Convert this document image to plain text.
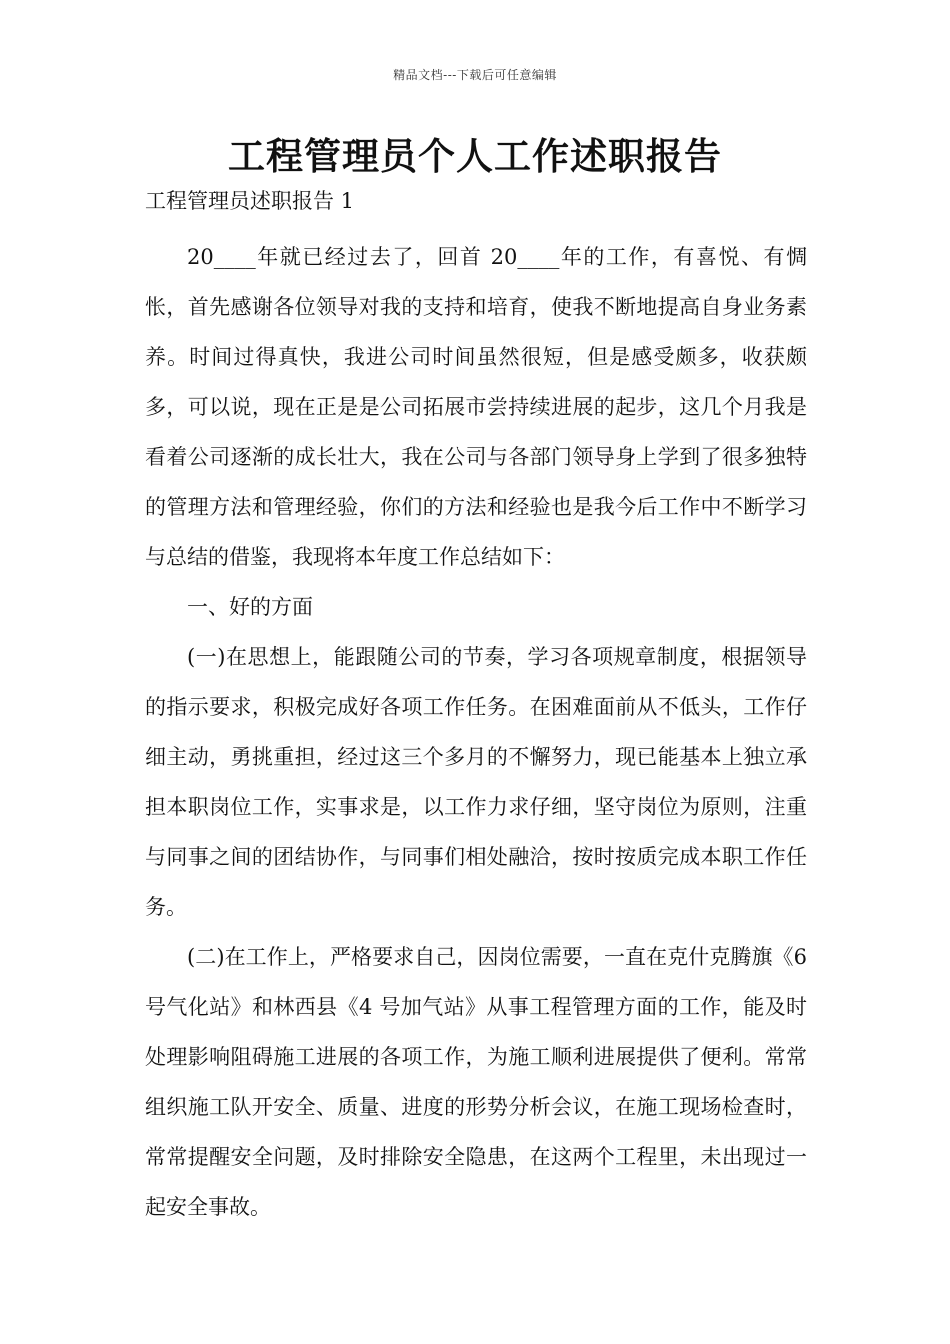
精品文档---下载后可任意编辑
工程管理员个人工作述职报告

工程管理员述职报告 1

20____年就已经过去了，回首 20____年的工作，有喜悦、有惆怅，首先感谢各位领导对我的支持和培育，使我不断地提高自身业务素养。时间过得真快，我进公司时间虽然很短，但是感受颇多，收获颇多，可以说，现在正是是公司拓展市尝持续进展的起步，这几个月我是看着公司逐渐的成长壮大，我在公司与各部门领导身上学到了很多独特的管理方法和管理经验，你们的方法和经验也是我今后工作中不断学习与总结的借鉴，我现将本年度工作总结如下：

一、好的方面

(一)在思想上，能跟随公司的节奏，学习各项规章制度，根据领导的指示要求，积极完成好各项工作任务。在困难面前从不低头，工作仔细主动，勇挑重担，经过这三个多月的不懈努力，现已能基本上独立承担本职岗位工作，实事求是，以工作力求仔细，坚守岗位为原则，注重与同事之间的团结协作，与同事们相处融洽，按时按质完成本职工作任务。

(二)在工作上，严格要求自己，因岗位需要，一直在克什克腾旗《6 号气化站》和林西县《4 号加气站》从事工程管理方面的工作，能及时处理影响阻碍施工进展的各项工作，为施工顺利进展提供了便利。常常组织施工队开安全、质量、进度的形势分析会议，在施工现场检查时，常常提醒安全问题，及时排除安全隐患，在这两个工程里，未出现过一起安全事故。
